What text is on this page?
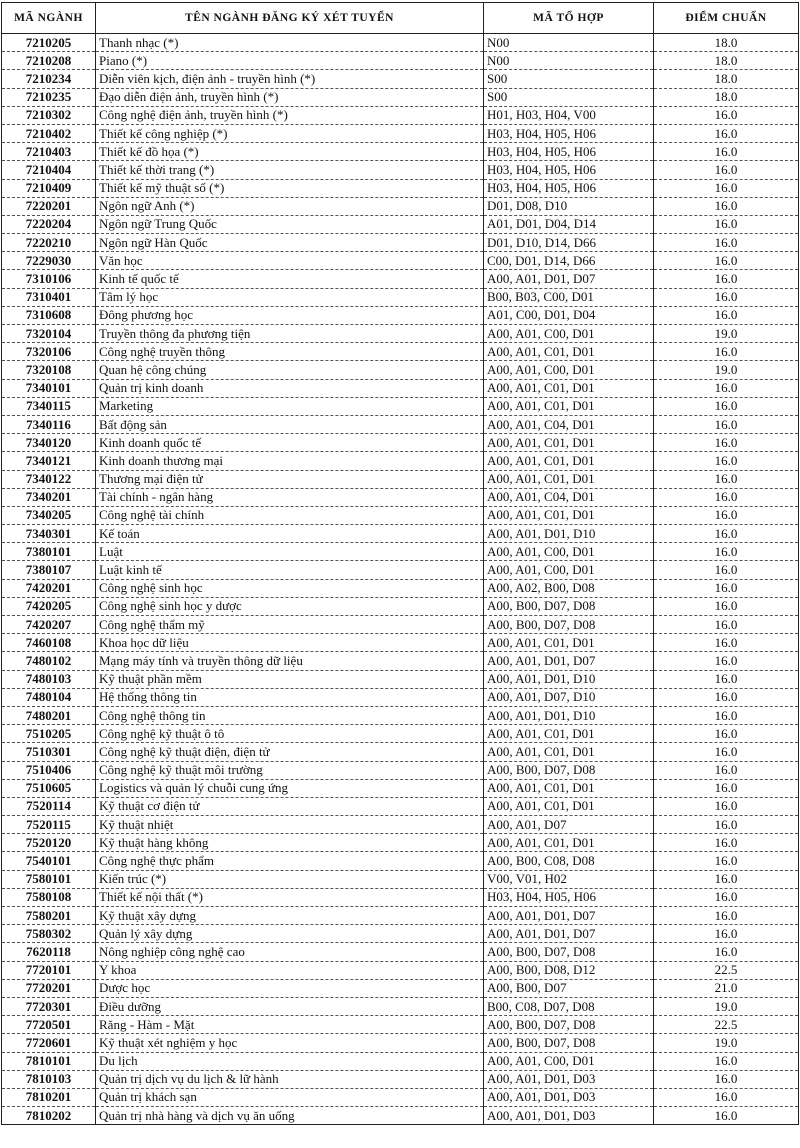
MÃ NGÀNH	TÊN NGÀNH ĐĂNG KÝ XÉT TUYỂN	MÃ TỔ HỢP	ĐIỂM CHUẨN
7210205	Thanh nhạc (*)	N00	18.0
7210208	Piano (*)	N00	18.0
7210234	Diễn viên kịch, điện ảnh - truyền hình (*)	S00	18.0
7210235	Đạo diễn điện ảnh, truyền hình (*)	S00	18.0
7210302	Công nghệ điện ảnh, truyền hình (*)	H01, H03, H04, V00	16.0
7210402	Thiết kế công nghiệp (*)	H03, H04, H05, H06	16.0
7210403	Thiết kế đồ họa (*)	H03, H04, H05, H06	16.0
7210404	Thiết kế thời trang (*)	H03, H04, H05, H06	16.0
7210409	Thiết kế mỹ thuật số (*)	H03, H04, H05, H06	16.0
7220201	Ngôn ngữ Anh (*)	D01, D08, D10	16.0
7220204	Ngôn ngữ Trung Quốc	A01, D01, D04, D14	16.0
7220210	Ngôn ngữ Hàn Quốc	D01, D10, D14, D66	16.0
7229030	Văn học	C00, D01, D14, D66	16.0
7310106	Kinh tế quốc tế	A00, A01, D01, D07	16.0
7310401	Tâm lý học	B00, B03, C00, D01	16.0
7310608	Đông phương học	A01, C00, D01, D04	16.0
7320104	Truyền thông đa phương tiện	A00, A01, C00, D01	19.0
7320106	Công nghệ truyền thông	A00, A01, C01, D01	16.0
7320108	Quan hệ công chúng	A00, A01, C00, D01	19.0
7340101	Quản trị kinh doanh	A00, A01, C01, D01	16.0
7340115	Marketing	A00, A01, C01, D01	16.0
7340116	Bất động sản	A00, A01, C04, D01	16.0
7340120	Kinh doanh quốc tế	A00, A01, C01, D01	16.0
7340121	Kinh doanh thương mại	A00, A01, C01, D01	16.0
7340122	Thương mại điện tử	A00, A01, C01, D01	16.0
7340201	Tài chính - ngân hàng	A00, A01, C04, D01	16.0
7340205	Công nghệ tài chính	A00, A01, C01, D01	16.0
7340301	Kế toán	A00, A01, D01, D10	16.0
7380101	Luật	A00, A01, C00, D01	16.0
7380107	Luật kinh tế	A00, A01, C00, D01	16.0
7420201	Công nghệ sinh học	A00, A02, B00, D08	16.0
7420205	Công nghệ sinh học y dược	A00, B00, D07, D08	16.0
7420207	Công nghệ thẩm mỹ	A00, B00, D07, D08	16.0
7460108	Khoa học dữ liệu	A00, A01, C01, D01	16.0
7480102	Mạng máy tính và truyền thông dữ liệu	A00, A01, D01, D07	16.0
7480103	Kỹ thuật phần mềm	A00, A01, D01, D10	16.0
7480104	Hệ thống thông tin	A00, A01, D07, D10	16.0
7480201	Công nghệ thông tin	A00, A01, D01, D10	16.0
7510205	Công nghệ kỹ thuật ô tô	A00, A01, C01, D01	16.0
7510301	Công nghệ kỹ thuật điện, điện tử	A00, A01, C01, D01	16.0
7510406	Công nghệ kỹ thuật môi trường	A00, B00, D07, D08	16.0
7510605	Logistics và quản lý chuỗi cung ứng	A00, A01, C01, D01	16.0
7520114	Kỹ thuật cơ điện tử	A00, A01, C01, D01	16.0
7520115	Kỹ thuật nhiệt	A00, A01, D07	16.0
7520120	Kỹ thuật hàng không	A00, A01, C01, D01	16.0
7540101	Công nghệ thực phẩm	A00, B00, C08, D08	16.0
7580101	Kiến trúc (*)	V00, V01, H02	16.0
7580108	Thiết kế nội thất (*)	H03, H04, H05, H06	16.0
7580201	Kỹ thuật xây dựng	A00, A01, D01, D07	16.0
7580302	Quản lý xây dựng	A00, A01, D01, D07	16.0
7620118	Nông nghiệp công nghệ cao	A00, B00, D07, D08	16.0
7720101	Y khoa	A00, B00, D08, D12	22.5
7720201	Dược học	A00, B00, D07	21.0
7720301	Điều dưỡng	B00, C08, D07, D08	19.0
7720501	Răng - Hàm - Mặt	A00, B00, D07, D08	22.5
7720601	Kỹ thuật xét nghiệm y học	A00, B00, D07, D08	19.0
7810101	Du lịch	A00, A01, C00, D01	16.0
7810103	Quản trị dịch vụ du lịch & lữ hành	A00, A01, D01, D03	16.0
7810201	Quản trị khách sạn	A00, A01, D01, D03	16.0
7810202	Quản trị nhà hàng và dịch vụ ăn uống	A00, A01, D01, D03	16.0
